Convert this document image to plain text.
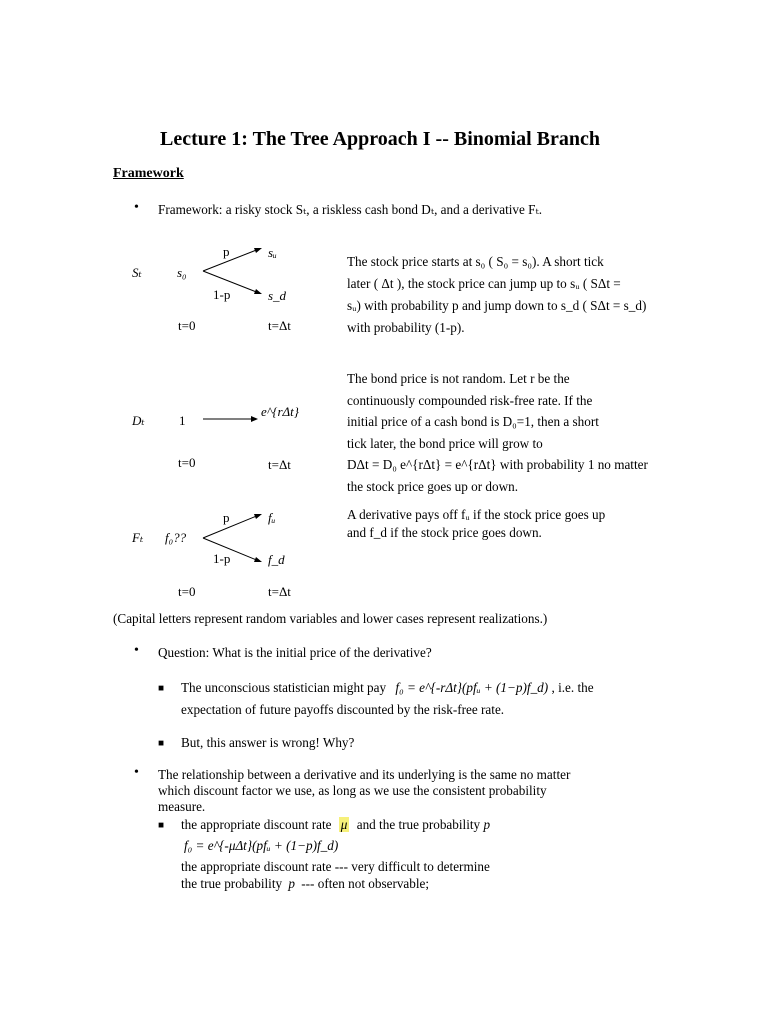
Lecture 1: The Tree Approach I -- Binomial Branch
Framework
• Framework: a risky stock Sₜ, a riskless cash bond Dₜ, and a derivative Fₜ.
Sₜ	s₀
p
1-p
sᵤ
s_d
t=0	t=Δt
The stock price starts at s₀ ( S₀ = s₀). A short tick
later ( Δt ), the stock price can jump up to sᵤ ( SΔt =
sᵤ) with probability p and jump down to s_d ( SΔt = s_d)
with probability (1-p).
Dₜ	1
e^{rΔt}
t=0	t=Δt
The bond price is not random. Let r be the
continuously compounded risk-free rate. If the
initial price of a cash bond is D₀=1, then a short
tick later, the bond price will grow to
DΔt = D₀ e^{rΔt} = e^{rΔt} with probability 1 no matter
the stock price goes up or down.
Fₜ f₀??
p
1-p
fᵤ
f_d
t=0	t=Δt
A derivative pays off fᵤ if the stock price goes up
and f_d if the stock price goes down.
(Capital letters represent random variables and lower cases represent realizations.)
• Question: What is the initial price of the derivative?
■ The unconscious statistician might pay f₀ = e^{-rΔt}(pfᵤ + (1−p)f_d) , i.e. the
expectation of future payoffs discounted by the risk-free rate.
■ But, this answer is wrong! Why?
• The relationship between a derivative and its underlying is the same no matter
which discount factor we use, as long as we use the consistent probability
measure.
■ the appropriate discount rate μ and the true probability p
f₀ = e^{-μΔt}(pfᵤ + (1−p)f_d)
the appropriate discount rate --- very difficult to determine
the true probability p --- often not observable;
